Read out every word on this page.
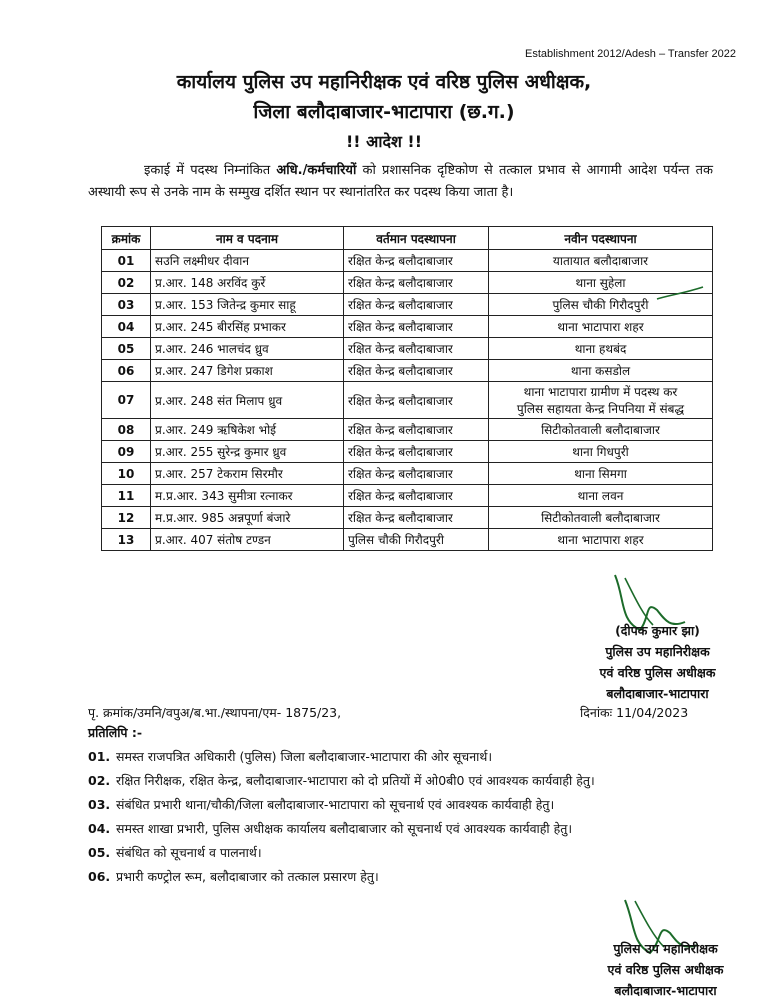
Establishment 2012/Adesh – Transfer 2022
कार्यालय पुलिस उप महानिरीक्षक एवं वरिष्ठ पुलिस अधीक्षक,
जिला बलौदाबाजार-भाटापारा (छ.ग.)
!! आदेश !!
इकाई में पदस्थ निम्नांकित अधि./कर्मचारियों को प्रशासनिक दृष्टिकोण से तत्काल प्रभाव से आगामी आदेश पर्यन्त तक अस्थायी रूप से उनके नाम के सम्मुख दर्शित स्थान पर स्थानांतरित कर पदस्थ किया जाता है।
क्रमांक	नाम व पदनाम	वर्तमान पदस्थापना	नवीन पदस्थापना
01	सउनि लक्ष्मीधर दीवान	रक्षित केन्द्र बलौदाबाजार	यातायात बलौदाबाजार
02	प्र.आर. 148 अरविंद कुर्रे	रक्षित केन्द्र बलौदाबाजार	थाना सुहेला
03	प्र.आर. 153 जितेन्द्र कुमार साहू	रक्षित केन्द्र बलौदाबाजार	पुलिस चौकी गिरौदपुरी
04	प्र.आर. 245 बीरसिंह प्रभाकर	रक्षित केन्द्र बलौदाबाजार	थाना भाटापारा शहर
05	प्र.आर. 246 भालचंद ध्रुव	रक्षित केन्द्र बलौदाबाजार	थाना हथबंद
06	प्र.आर. 247 डिगेश प्रकाश	रक्षित केन्द्र बलौदाबाजार	थाना कसडोल
07	प्र.आर. 248 संत मिलाप ध्रुव	रक्षित केन्द्र बलौदाबाजार	थाना भाटापारा ग्रामीण में पदस्थ कर
पुलिस सहायता केन्द्र निपनिया में संबद्ध

08	प्र.आर. 249 ऋषिकेश भोई	रक्षित केन्द्र बलौदाबाजार	सिटीकोतवाली बलौदाबाजार
09	प्र.आर. 255 सुरेन्द्र कुमार ध्रुव	रक्षित केन्द्र बलौदाबाजार	थाना गिधपुरी
10	प्र.आर. 257 टेकराम सिरमौर	रक्षित केन्द्र बलौदाबाजार	थाना सिमगा
11	म.प्र.आर. 343 सुमीत्रा रत्नाकर	रक्षित केन्द्र बलौदाबाजार	थाना लवन
12	म.प्र.आर. 985 अन्नपूर्णा बंजारे	रक्षित केन्द्र बलौदाबाजार	सिटीकोतवाली बलौदाबाजार
13	प्र.आर. 407 संतोष टण्डन	पुलिस चौकी गिरौदपुरी	थाना भाटापारा शहर
(दीपक कुमार झा)
पुलिस उप महानिरीक्षक
एवं वरिष्ठ पुलिस अधीक्षक
बलौदाबाजार-भाटापारा
पृ. क्रमांक/उमनि/वपुअ/ब.भा./स्थापना/एम- 1875/23,	दिनांकः 11/04/2023
प्रतिलिपि :-
01. समस्त राजपत्रित अधिकारी (पुलिस) जिला बलौदाबाजार-भाटापारा की ओर सूचनार्थ।
02. रक्षित निरीक्षक, रक्षित केन्द्र, बलौदाबाजार-भाटापारा को दो प्रतियों में ओ0बी0 एवं आवश्यक कार्यवाही हेतु।
03. संबंधित प्रभारी थाना/चौकी/जिला बलौदाबाजार-भाटापारा को सूचनार्थ एवं आवश्यक कार्यवाही हेतु।
04. समस्त शाखा प्रभारी, पुलिस अधीक्षक कार्यालय बलौदाबाजार को सूचनार्थ एवं आवश्यक कार्यवाही हेतु।
05. संबंधित को सूचनार्थ व पालनार्थ।
06. प्रभारी कण्ट्रोल रूम, बलौदाबाजार को तत्काल प्रसारण हेतु।
पुलिस उप महानिरीक्षक
एवं वरिष्ठ पुलिस अधीक्षक
बलौदाबाजार-भाटापारा
